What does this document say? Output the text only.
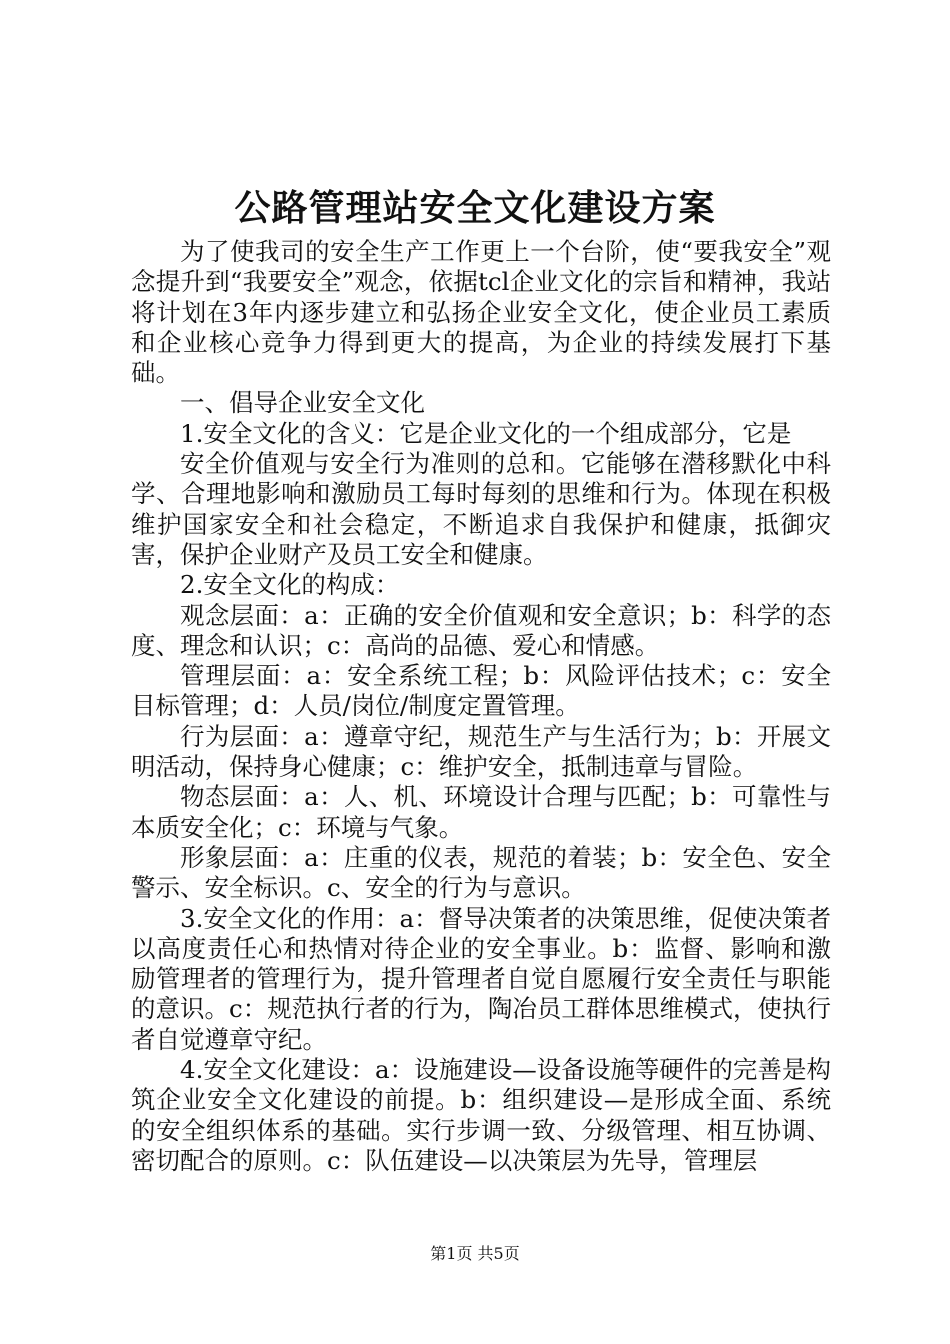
公路管理站安全文化建设方案

为了使我司的安全生产工作更上一个台阶，使“要我安全”观念提升到“我要安全”观念，依据tcl企业文化的宗旨和精神，我站将计划在3年内逐步建立和弘扬企业安全文化，使企业员工素质和企业核心竞争力得到更大的提高，为企业的持续发展打下基础。

一、倡导企业安全文化

1.安全文化的含义：它是企业文化的一个组成部分，它是

安全价值观与安全行为准则的总和。它能够在潜移默化中科学、合理地影响和激励员工每时每刻的思维和行为。体现在积极维护国家安全和社会稳定，不断追求自我保护和健康，抵御灾害，保护企业财产及员工安全和健康。

2.安全文化的构成：

观念层面：a：正确的安全价值观和安全意识；b：科学的态度、理念和认识；c：高尚的品德、爱心和情感。

管理层面：a：安全系统工程；b：风险评估技术；c：安全目标管理；d：人员/岗位/制度定置管理。

行为层面：a：遵章守纪，规范生产与生活行为；b：开展文明活动，保持身心健康；c：维护安全，抵制违章与冒险。

物态层面：a：人、机、环境设计合理与匹配；b：可靠性与本质安全化；c：环境与气象。

形象层面：a：庄重的仪表，规范的着装；b：安全色、安全警示、安全标识。c、安全的行为与意识。

3.安全文化的作用：a：督导决策者的决策思维，促使决策者以高度责任心和热情对待企业的安全事业。b：监督、影响和激励管理者的管理行为，提升管理者自觉自愿履行安全责任与职能的意识。c：规范执行者的行为，陶冶员工群体思维模式，使执行者自觉遵章守纪。

4.安全文化建设：a：设施建设—设备设施等硬件的完善是构筑企业安全文化建设的前提。b：组织建设—是形成全面、系统的安全组织体系的基础。实行步调一致、分级管理、相互协调、密切配合的原则。c：队伍建设—以决策层为先导，管理层

第1页 共5页
